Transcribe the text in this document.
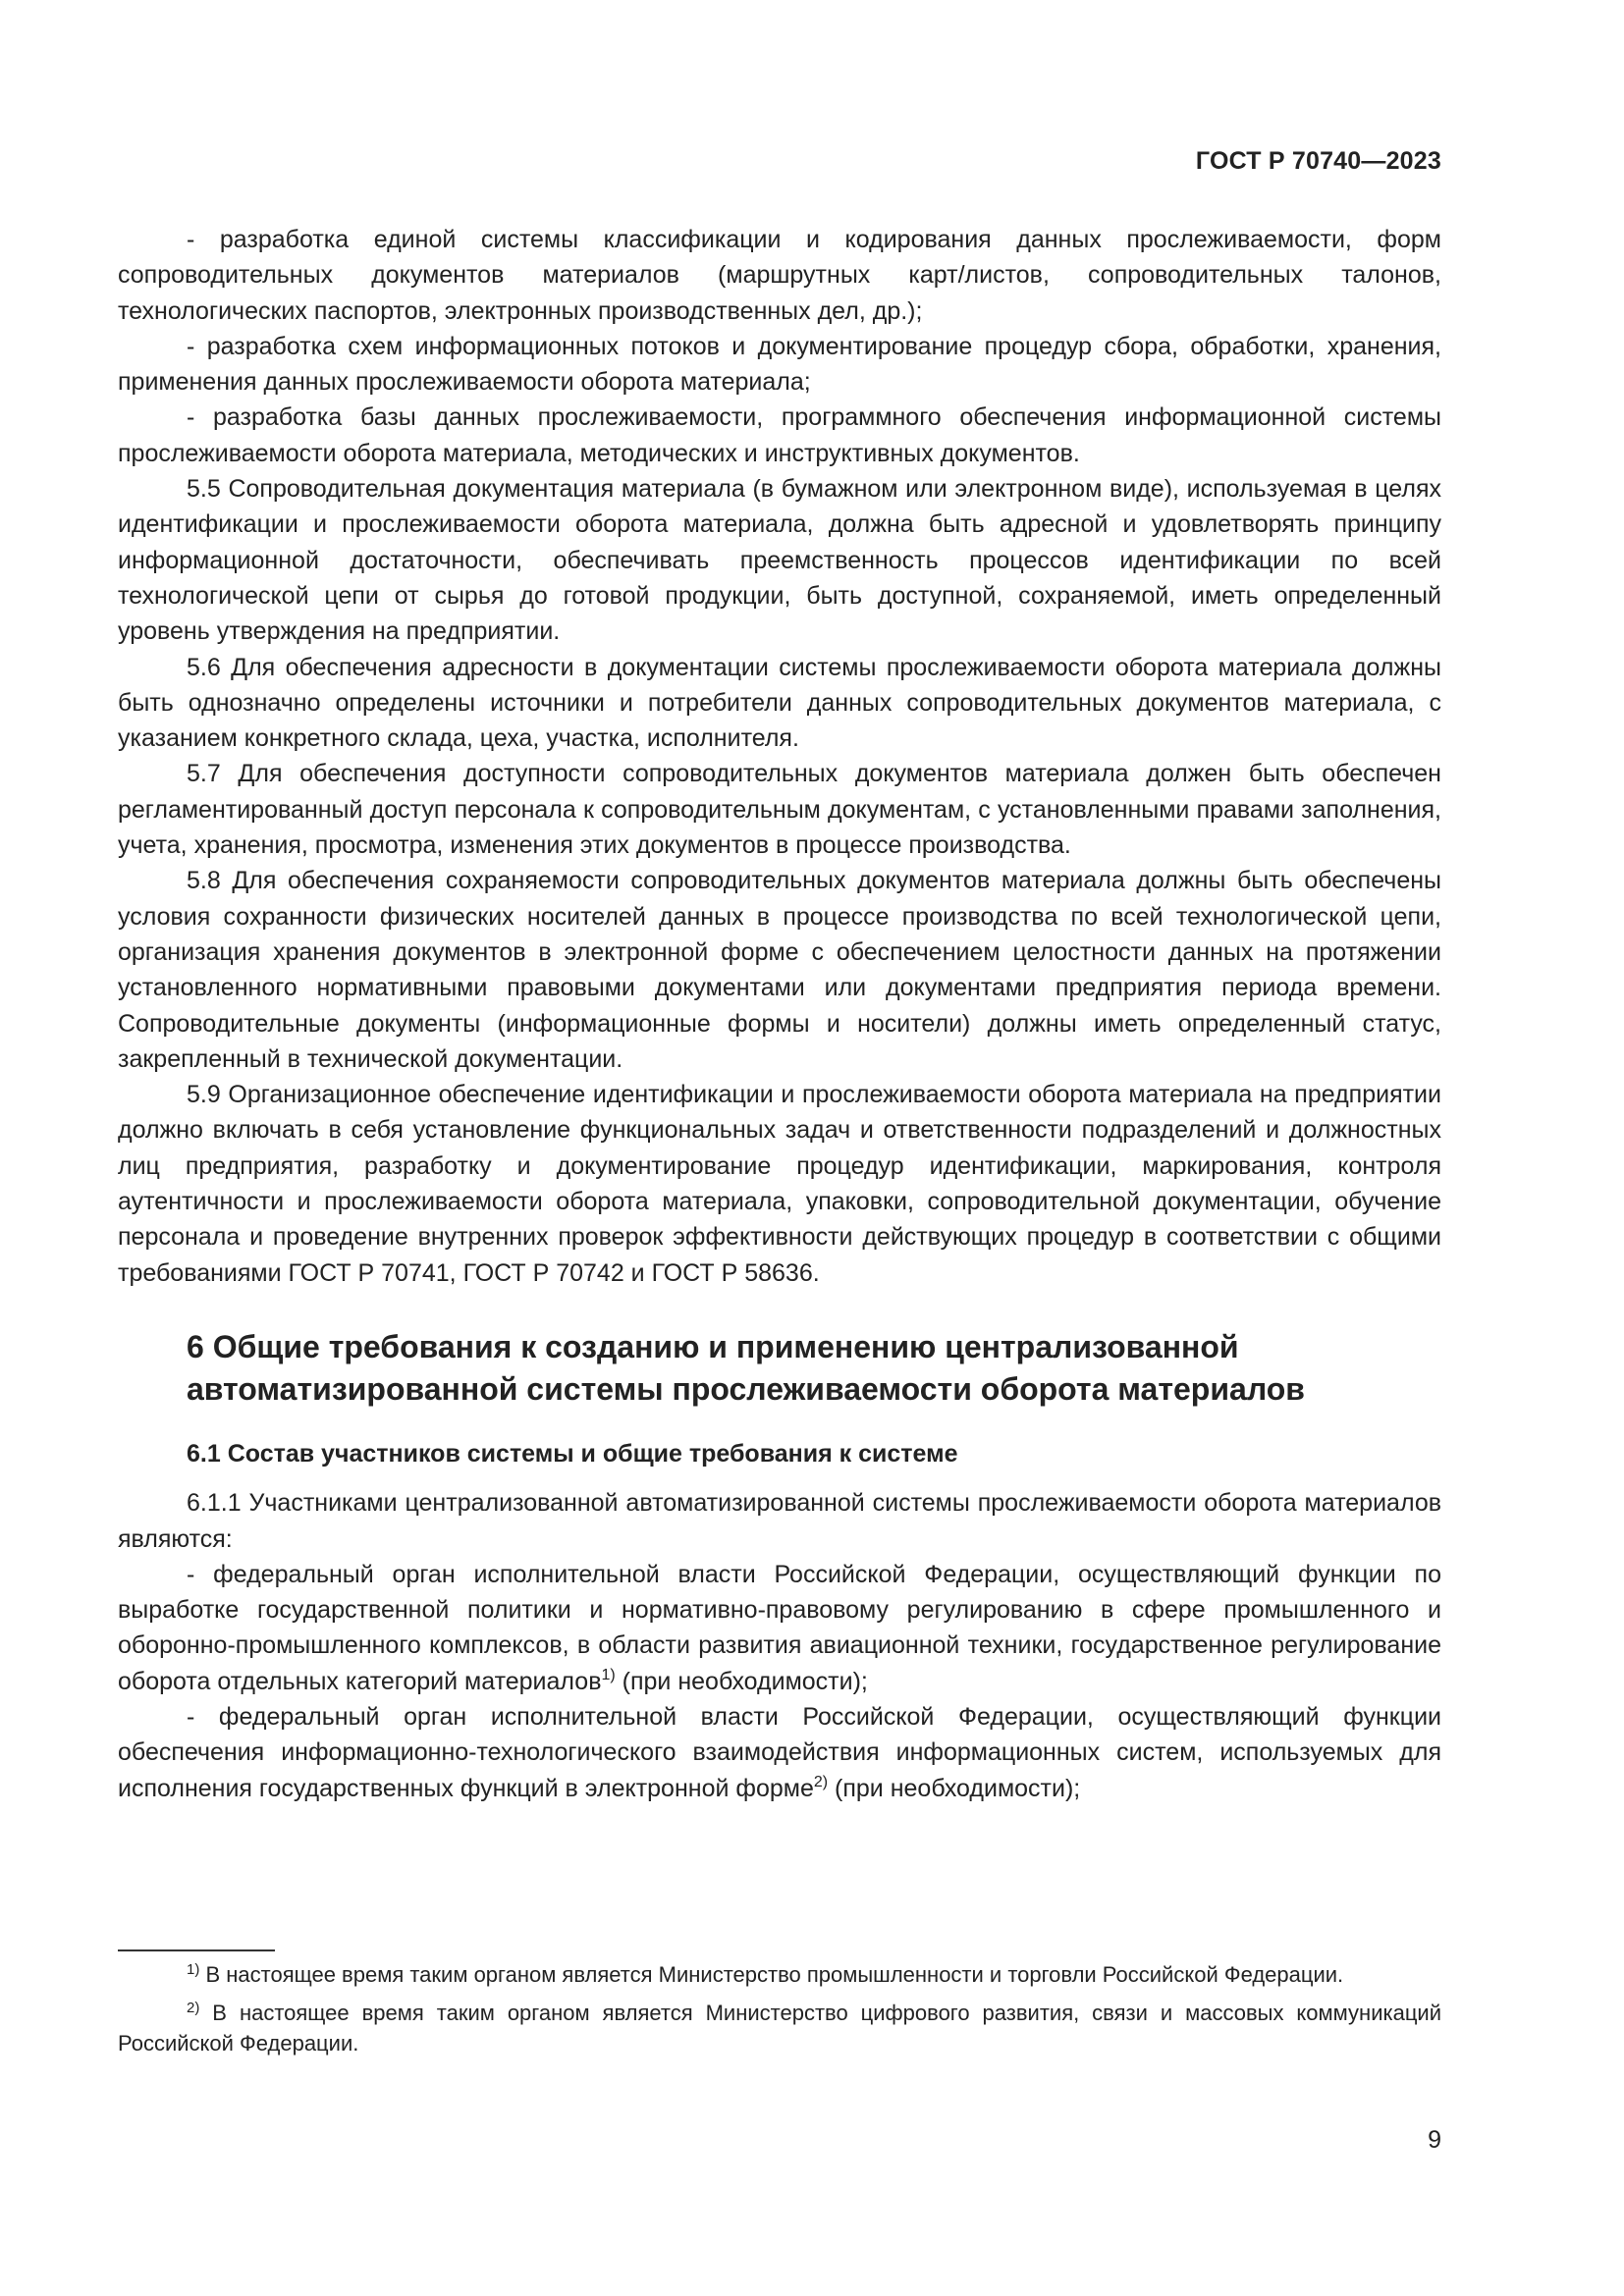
ГОСТ Р 70740—2023

- разработка единой системы классификации и кодирования данных прослеживаемости, форм сопроводительных документов материалов (маршрутных карт/листов, сопроводительных талонов, технологических паспортов, электронных производственных дел, др.);

- разработка схем информационных потоков и документирование процедур сбора, обработки, хранения, применения данных прослеживаемости оборота материала;

- разработка базы данных прослеживаемости, программного обеспечения информационной системы прослеживаемости оборота материала, методических и инструктивных документов.

5.5 Сопроводительная документация материала (в бумажном или электронном виде), используемая в целях идентификации и прослеживаемости оборота материала, должна быть адресной и удовлетворять принципу информационной достаточности, обеспечивать преемственность процессов идентификации по всей технологической цепи от сырья до готовой продукции, быть доступной, сохраняемой, иметь определенный уровень утверждения на предприятии.

5.6 Для обеспечения адресности в документации системы прослеживаемости оборота материала должны быть однозначно определены источники и потребители данных сопроводительных документов материала, с указанием конкретного склада, цеха, участка, исполнителя.

5.7 Для обеспечения доступности сопроводительных документов материала должен быть обеспечен регламентированный доступ персонала к сопроводительным документам, с установленными правами заполнения, учета, хранения, просмотра, изменения этих документов в процессе производства.

5.8 Для обеспечения сохраняемости сопроводительных документов материала должны быть обеспечены условия сохранности физических носителей данных в процессе производства по всей технологической цепи, организация хранения документов в электронной форме с обеспечением целостности данных на протяжении установленного нормативными правовыми документами или документами предприятия периода времени. Сопроводительные документы (информационные формы и носители) должны иметь определенный статус, закрепленный в технической документации.

5.9 Организационное обеспечение идентификации и прослеживаемости оборота материала на предприятии должно включать в себя установление функциональных задач и ответственности подразделений и должностных лиц предприятия, разработку и документирование процедур идентификации, маркирования, контроля аутентичности и прослеживаемости оборота материала, упаковки, сопроводительной документации, обучение персонала и проведение внутренних проверок эффективности действующих процедур в соответствии с общими требованиями ГОСТ Р 70741, ГОСТ Р 70742 и ГОСТ Р 58636.

6 Общие требования к созданию и применению централизованной автоматизированной системы прослеживаемости оборота материалов
6.1 Состав участников системы и общие требования к системе

6.1.1 Участниками централизованной автоматизированной системы прослеживаемости оборота материалов являются:

- федеральный орган исполнительной власти Российской Федерации, осуществляющий функции по выработке государственной политики и нормативно-правовому регулированию в сфере промышленного и оборонно-промышленного комплексов, в области развития авиационной техники, государственное регулирование оборота отдельных категорий материалов$^{1)}$ (при необходимости);

- федеральный орган исполнительной власти Российской Федерации, осуществляющий функции обеспечения информационно-технологического взаимодействия информационных систем, используемых для исполнения государственных функций в электронной форме$^{2)}$ (при необходимости);

$^{1)}$ В настоящее время таким органом является Министерство промышленности и торговли Российской Федерации.

$^{2)}$ В настоящее время таким органом является Министерство цифрового развития, связи и массовых коммуникаций Российской Федерации.

9
